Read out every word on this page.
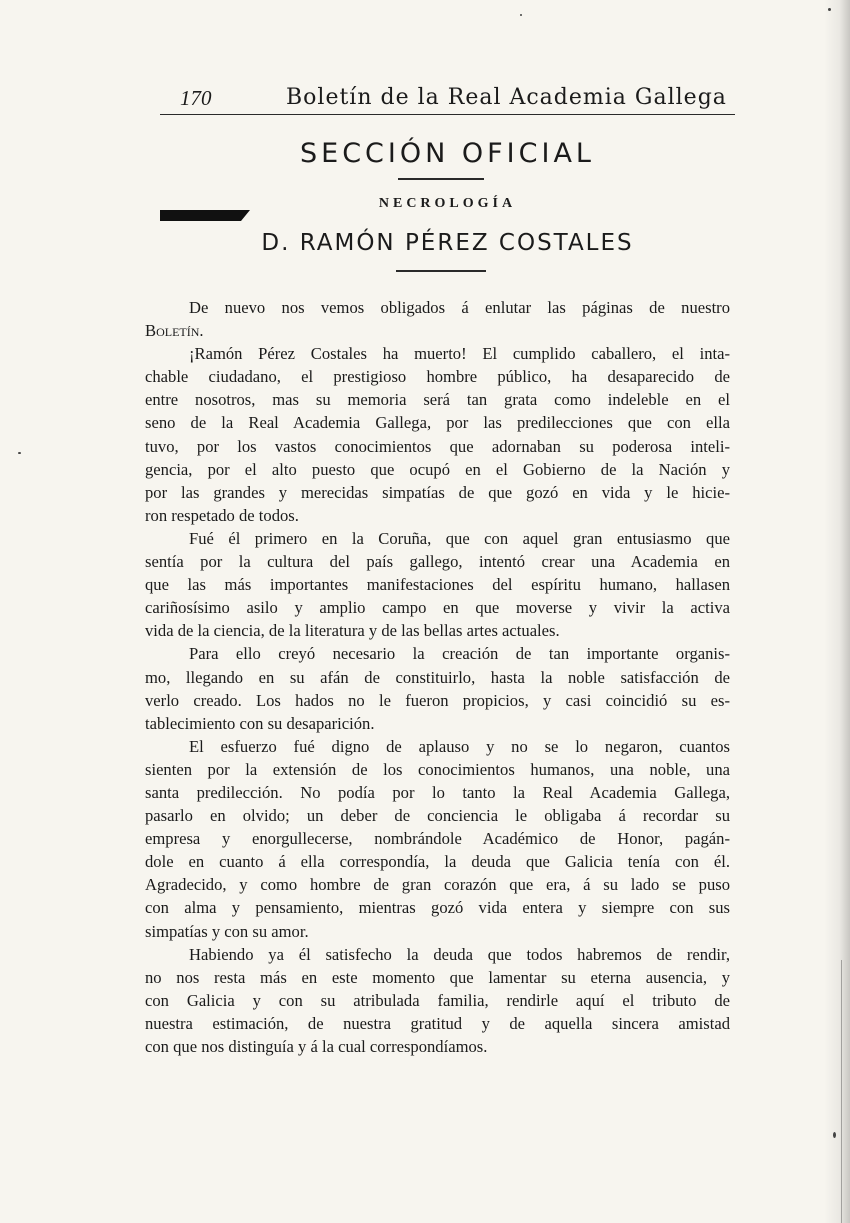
170	Boletín de la Real Academia Gallega
SECCIÓN OFICIAL
NECROLOGÍA
D. RAMÓN PÉREZ COSTALES
De nuevo nos vemos obligados á enlutar las páginas de nuestro
Boletín.
¡Ramón Pérez Costales ha muerto! El cumplido caballero, el inta-
chable ciudadano, el prestigioso hombre público, ha desaparecido de
entre nosotros, mas su memoria será tan grata como indeleble en el
seno de la Real Academia Gallega, por las predilecciones que con ella
tuvo, por los vastos conocimientos que adornaban su poderosa inteli-
gencia, por el alto puesto que ocupó en el Gobierno de la Nación y
por las grandes y merecidas simpatías de que gozó en vida y le hicie-
ron respetado de todos.
Fué él primero en la Coruña, que con aquel gran entusiasmo que
sentía por la cultura del país gallego, intentó crear una Academia en
que las más importantes manifestaciones del espíritu humano, hallasen
cariñosísimo asilo y amplio campo en que moverse y vivir la activa
vida de la ciencia, de la literatura y de las bellas artes actuales.
Para ello creyó necesario la creación de tan importante organis-
mo, llegando en su afán de constituirlo, hasta la noble satisfacción de
verlo creado. Los hados no le fueron propicios, y casi coincidió su es-
tablecimiento con su desaparición.
El esfuerzo fué digno de aplauso y no se lo negaron, cuantos
sienten por la extensión de los conocimientos humanos, una noble, una
santa predilección. No podía por lo tanto la Real Academia Gallega,
pasarlo en olvido; un deber de conciencia le obligaba á recordar su
empresa y enorgullecerse, nombrándole Académico de Honor, pagán-
dole en cuanto á ella correspondía, la deuda que Galicia tenía con él.
Agradecido, y como hombre de gran corazón que era, á su lado se puso
con alma y pensamiento, mientras gozó vida entera y siempre con sus
simpatías y con su amor.
Habiendo ya él satisfecho la deuda que todos habremos de rendir,
no nos resta más en este momento que lamentar su eterna ausencia, y
con Galicia y con su atribulada familia, rendirle aquí el tributo de
nuestra estimación, de nuestra gratitud y de aquella sincera amistad
con que nos distinguía y á la cual correspondíamos.
